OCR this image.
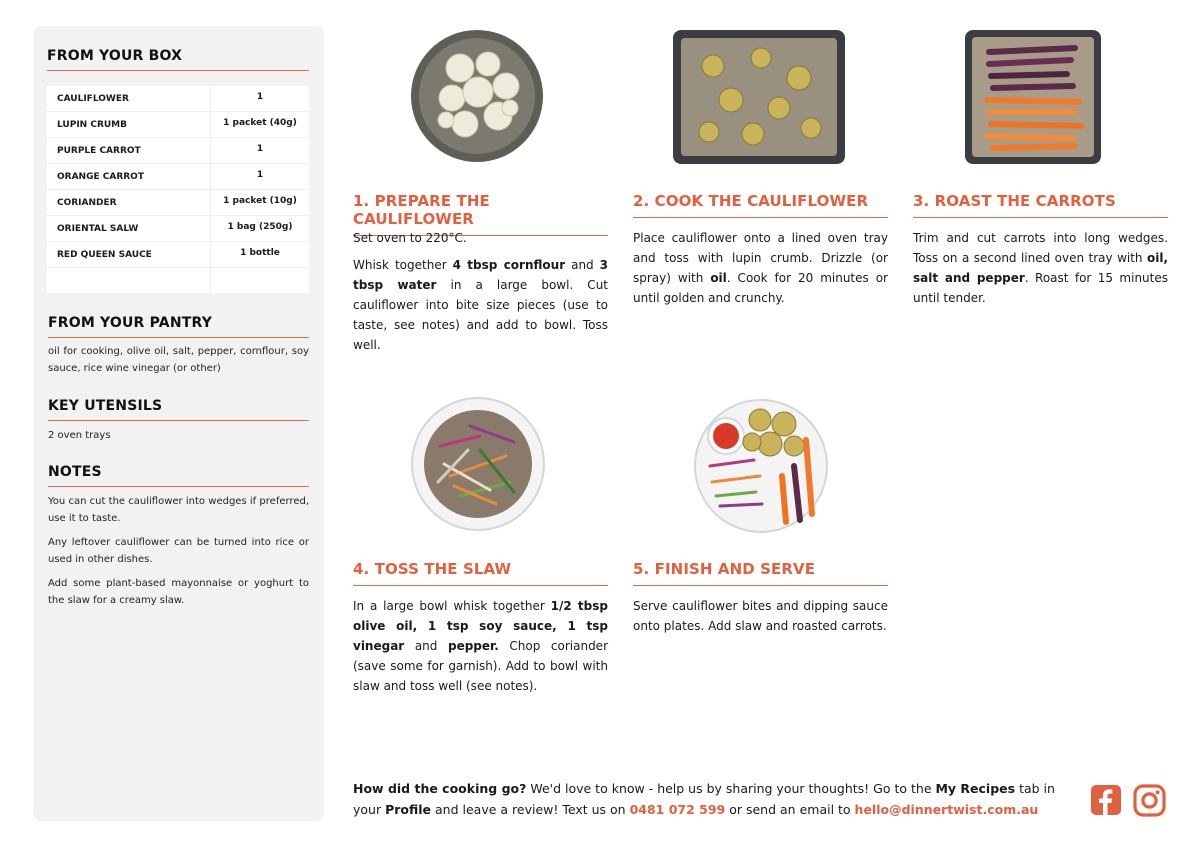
FROM YOUR BOX
CAULIFLOWER	1
LUPIN CRUMB	1 packet (40g)
PURPLE CARROT	1
ORANGE CARROT	1
CORIANDER	1 packet (10g)
ORIENTAL SALW	1 bag (250g)
RED QUEEN SAUCE	1 bottle
FROM YOUR PANTRY
oil for cooking, olive oil, salt, pepper, cornflour, soy sauce, rice wine vinegar (or other)
KEY UTENSILS
2 oven trays
NOTES

You can cut the cauliflower into wedges if preferred, use it to taste.

Any leftover cauliflower can be turned into rice or used in other dishes.

Add some plant-based mayonnaise or yoghurt to the slaw for a creamy slaw.

1. PREPARE THE CAULIFLOWER

Set oven to 220°C.

Whisk together 4 tbsp cornflour and 3 tbsp water in a large bowl. Cut cauliflower into bite size pieces (use to taste, see notes) and add to bowl. Toss well.

2. COOK THE CAULIFLOWER

Place cauliflower onto a lined oven tray and toss with lupin crumb. Drizzle (or spray) with oil. Cook for 20 minutes or until golden and crunchy.

3. ROAST THE CARROTS

Trim and cut carrots into long wedges. Toss on a second lined oven tray with oil, salt and pepper. Roast for 15 minutes until tender.

4. TOSS THE SLAW

In a large bowl whisk together 1/2 tbsp olive oil, 1 tsp soy sauce, 1 tsp vinegar and pepper. Chop coriander (save some for garnish). Add to bowl with slaw and toss well (see notes).

5. FINISH AND SERVE

Serve cauliflower bites and dipping sauce onto plates. Add slaw and roasted carrots.

How did the cooking go? We'd love to know - help us by sharing your thoughts! Go to the My Recipes tab in your Profile and leave a review! Text us on 0481 072 599 or send an email to hello@dinnertwist.com.au
